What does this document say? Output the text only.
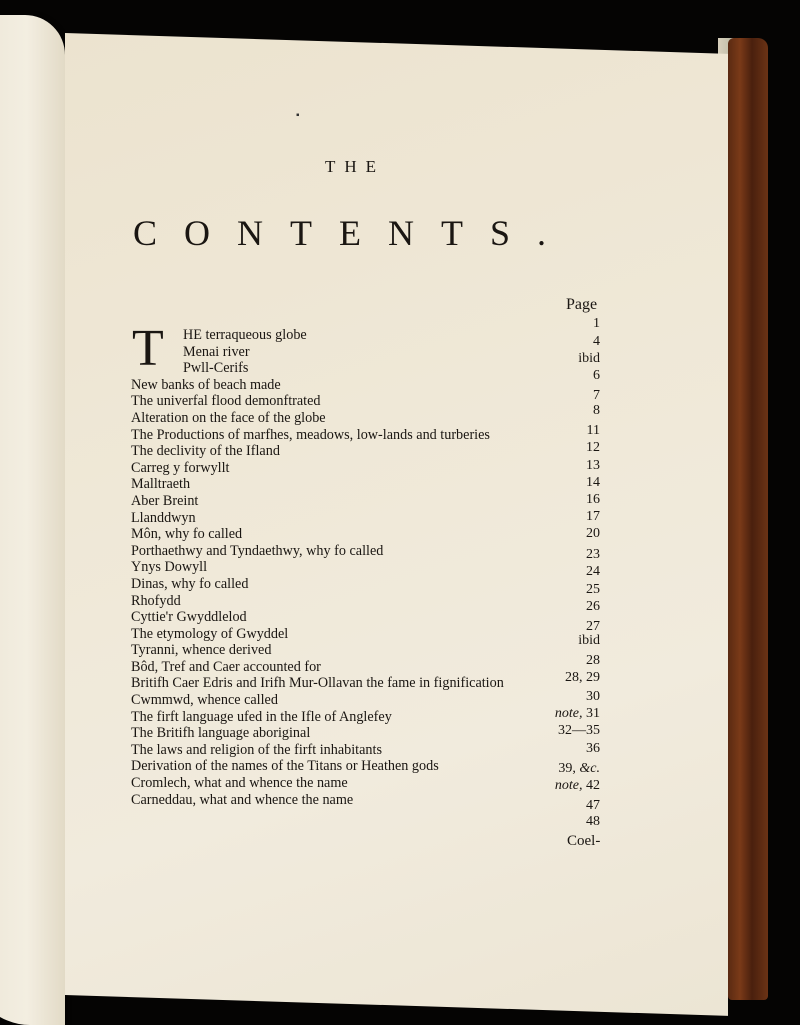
▪
THE
CONTENTS.
Page
T HE terraqueous globe
Menai river
Pwll-Cerifs
New banks of beach made
The univerfal flood demonftrated
Alteration on the face of the globe
The Productions of marfhes, meadows, low-lands and turberies
The declivity of the Ifland
Carreg y forwyllt
Malltraeth
Aber Breint
Llanddwyn
Môn, why fo called
Porthaethwy and Tyndaethwy, why fo called
Ynys Dowyll
Dinas, why fo called
Rhofydd
Cyttie'r Gwyddlelod
The etymology of Gwyddel
Tyranni, whence derived
Bôd, Tref and Caer accounted for
Britifh Caer Edris and Irifh Mur-Ollavan the fame in fignification
Cwmmwd, whence called
The firft language ufed in the Ifle of Anglefey
The Britifh language aboriginal
The laws and religion of the firft inhabitants
Derivation of the names of the Titans or Heathen gods
Cromlech, what and whence the name
Carneddau, what and whence the name
1
4
ibid
6
7
8
11
12
13
14
16
17
20
23
24
25
26
27
ibid
28
28, 29
30
note, 31
32—35
36
39, &c.
note, 42
47
48
Coel-
